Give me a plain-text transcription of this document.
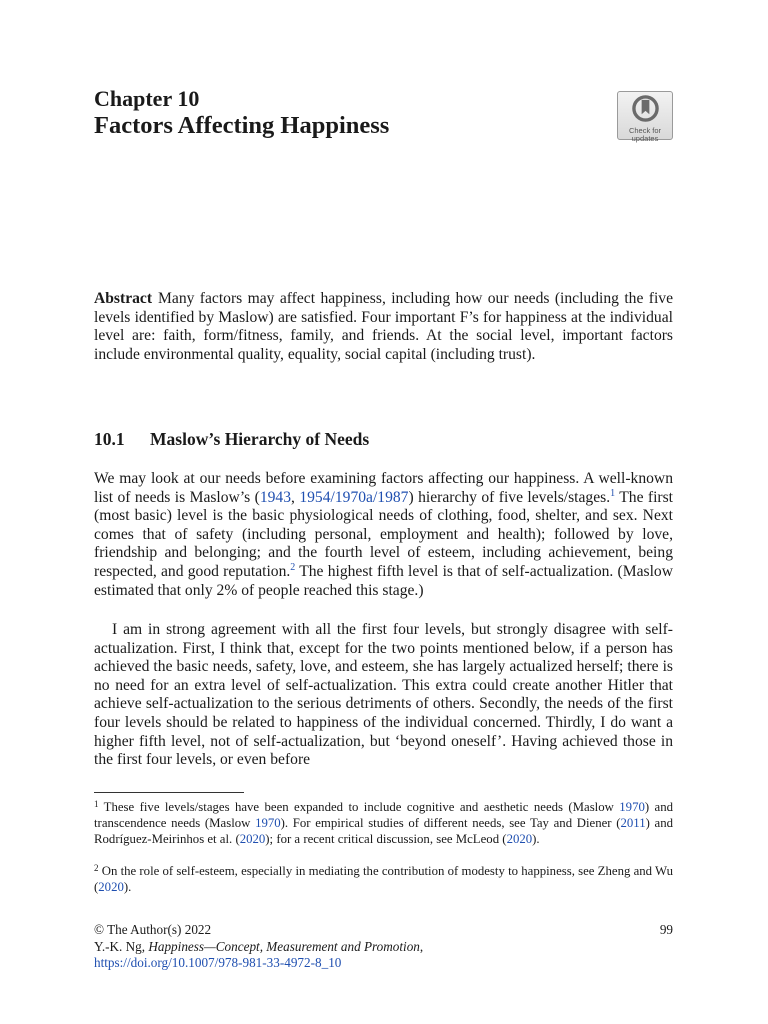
Chapter 10
Factors Affecting Happiness	Check for
updates
Abstract Many factors may affect happiness, including how our needs (including the five levels identified by Maslow) are satisfied. Four important F’s for happiness at the individual level are: faith, form/fitness, family, and friends. At the social level, important factors include environmental quality, equality, social capital (including trust).
10.1 Maslow’s Hierarchy of Needs
We may look at our needs before examining factors affecting our happiness. A well-known list of needs is Maslow’s (1943, 1954/1970a/1987) hierarchy of five levels/stages.$^1$ The first (most basic) level is the basic physiological needs of clothing, food, shelter, and sex. Next comes that of safety (including personal, employment and health); followed by love, friendship and belonging; and the fourth level of esteem, including achievement, being respected, and good reputation.$^2$ The highest fifth level is that of self-actualization. (Maslow estimated that only 2% of people reached this stage.)
I am in strong agreement with all the first four levels, but strongly disagree with self-actualization. First, I think that, except for the two points mentioned below, if a person has achieved the basic needs, safety, love, and esteem, she has largely actualized herself; there is no need for an extra level of self-actualization. This extra could create another Hitler that achieve self-actualization to the serious detriments of others. Secondly, the needs of the first four levels should be related to happiness of the individual concerned. Thirdly, I do want a higher fifth level, not of self-actualization, but ‘beyond oneself’. Having achieved those in the first four levels, or even before
$^1$ These five levels/stages have been expanded to include cognitive and aesthetic needs (Maslow 1970) and transcendence needs (Maslow 1970). For empirical studies of different needs, see Tay and Diener (2011) and Rodríguez-Meirinhos et al. (2020); for a recent critical discussion, see McLeod (2020).
$^2$ On the role of self-esteem, especially in mediating the contribution of modesty to happiness, see Zheng and Wu (2020).
© The Author(s) 2022
Y.-K. Ng, Happiness—Concept, Measurement and Promotion,
https://doi.org/10.1007/978-981-33-4972-8_10
99
